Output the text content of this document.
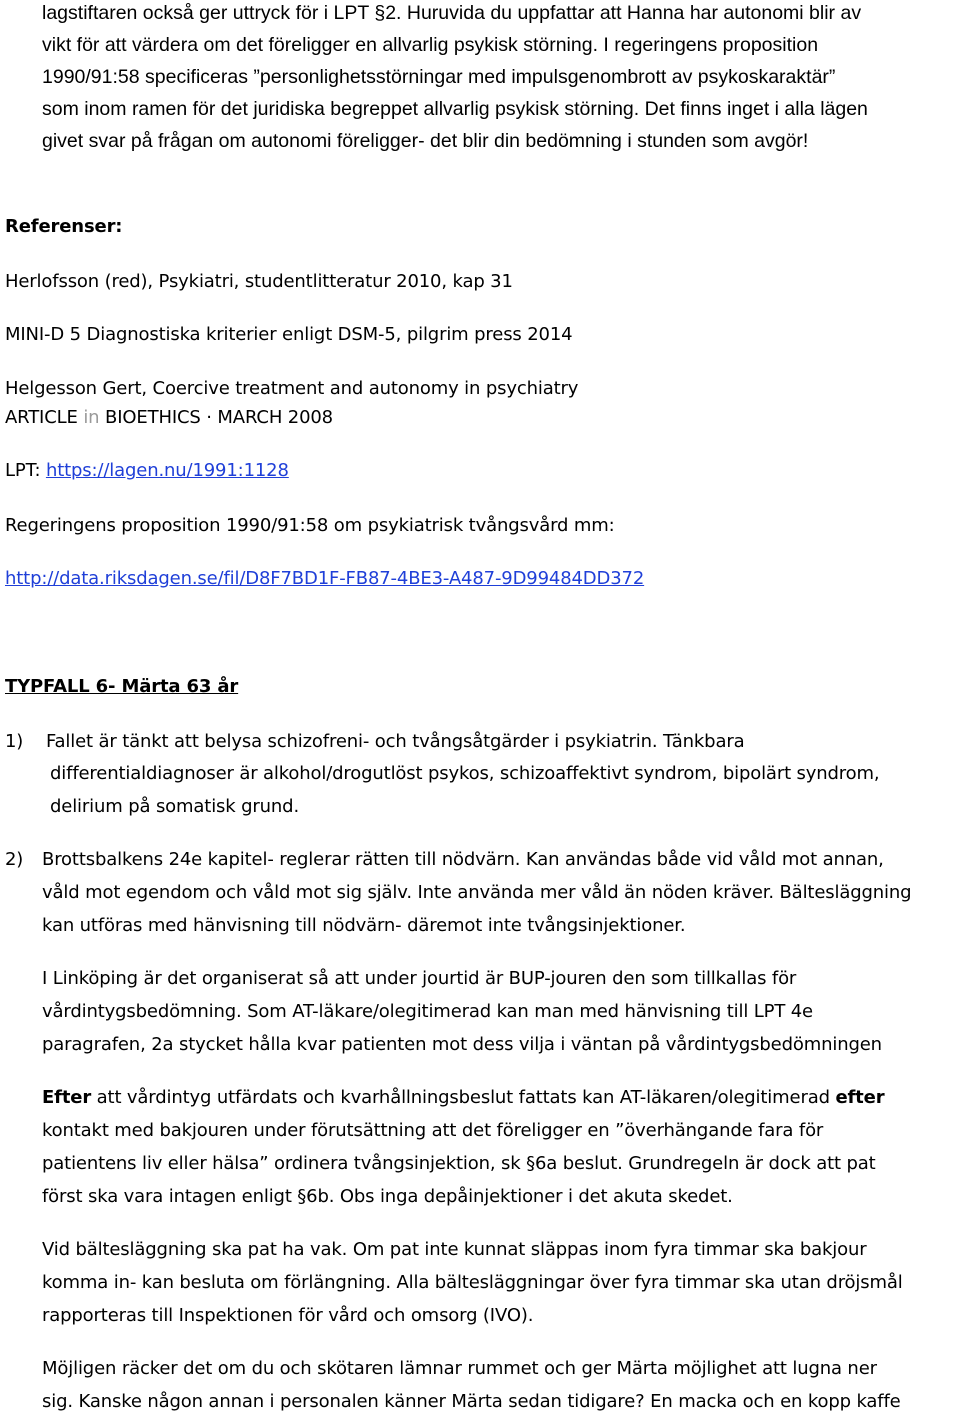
lagstiftaren också ger uttryck för i LPT §2. Huruvida du uppfattar att Hanna har autonomi blir av
vikt för att värdera om det föreligger en allvarlig psykisk störning. I regeringens proposition
1990/91:58 specificeras ”personlighetsstörningar med impulsgenombrott av psykoskaraktär”
som inom ramen för det juridiska begreppet allvarlig psykisk störning. Det finns inget i alla lägen
givet svar på frågan om autonomi föreligger- det blir din bedömning i stunden som avgör!
Referenser:
Herlofsson (red), Psykiatri, studentlitteratur 2010, kap 31
MINI-D 5 Diagnostiska kriterier enligt DSM-5, pilgrim press 2014
Helgesson Gert, Coercive treatment and autonomy in psychiatry
ARTICLE in BIOETHICS · MARCH 2008
LPT: https://lagen.nu/1991:1128
Regeringens proposition 1990/91:58 om psykiatrisk tvångsvård mm:
http://data.riksdagen.se/fil/D8F7BD1F-FB87-4BE3-A487-9D99484DD372
TYPFALL 6- Märta 63 år
1) Fallet är tänkt att belysa schizofreni- och tvångsåtgärder i psykiatrin. Tänkbara
differentialdiagnoser är alkohol/drogutlöst psykos, schizoaffektivt syndrom, bipolärt syndrom,
delirium på somatisk grund.
2) Brottsbalkens 24e kapitel- reglerar rätten till nödvärn. Kan användas både vid våld mot annan,
våld mot egendom och våld mot sig själv. Inte använda mer våld än nöden kräver. Bältesläggning
kan utföras med hänvisning till nödvärn- däremot inte tvångsinjektioner.
I Linköping är det organiserat så att under jourtid är BUP-jouren den som tillkallas för
vårdintygsbedömning. Som AT-läkare/olegitimerad kan man med hänvisning till LPT 4e
paragrafen, 2a stycket hålla kvar patienten mot dess vilja i väntan på vårdintygsbedömningen
Efter att vårdintyg utfärdats och kvarhållningsbeslut fattats kan AT-läkaren/olegitimerad efter
kontakt med bakjouren under förutsättning att det föreligger en ”överhängande fara för
patientens liv eller hälsa” ordinera tvångsinjektion, sk §6a beslut. Grundregeln är dock att pat
först ska vara intagen enligt §6b. Obs inga depåinjektioner i det akuta skedet.
Vid bältesläggning ska pat ha vak. Om pat inte kunnat släppas inom fyra timmar ska bakjour
komma in- kan besluta om förlängning. Alla bältesläggningar över fyra timmar ska utan dröjsmål
rapporteras till Inspektionen för vård och omsorg (IVO).
Möjligen räcker det om du och skötaren lämnar rummet och ger Märta möjlighet att lugna ner
sig. Kanske någon annan i personalen känner Märta sedan tidigare? En macka och en kopp kaffe
